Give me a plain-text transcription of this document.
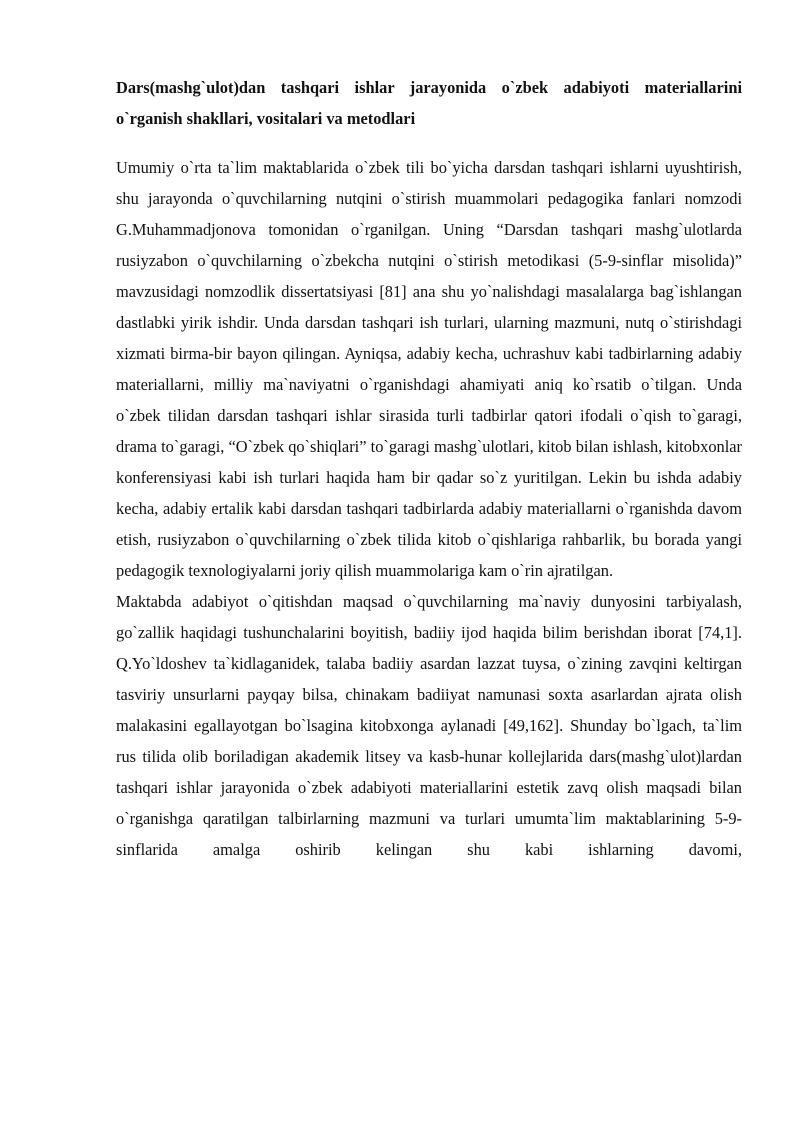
Dars(mashg`ulot)dan tashqari ishlar jarayonida o`zbek adabiyoti materiallarini o`rganish shakllari, vositalari va metodlari

Umumiy o`rta ta`lim maktablarida o`zbek tili bo`yicha darsdan tashqari ishlarni uyushtirish, shu jarayonda o`quvchilarning nutqini o`stirish muammolari pedagogika fanlari nomzodi G.Muhammadjonova tomonidan o`rganilgan. Uning “Darsdan tashqari mashg`ulotlarda rusiyzabon o`quvchilarning o`zbekcha nutqini o`stirish metodikasi (5-9-sinflar misolida)” mavzusidagi nomzodlik dissertatsiyasi [81] ana shu yo`nalishdagi masalalarga bag`ishlangan dastlabki yirik ishdir. Unda darsdan tashqari ish turlari, ularning mazmuni, nutq o`stirishdagi xizmati birma-bir bayon qilingan. Ayniqsa, adabiy kecha, uchrashuv kabi tadbirlarning adabiy materiallarni, milliy ma`naviyatni o`rganishdagi ahamiyati aniq ko`rsatib o`tilgan. Unda o`zbek tilidan darsdan tashqari ishlar sirasida turli tadbirlar qatori ifodali o`qish to`garagi, drama to`garagi, “O`zbek qo`shiqlari” to`garagi mashg`ulotlari, kitob bilan ishlash, kitobxonlar konferensiyasi kabi ish turlari haqida ham bir qadar so`z yuritilgan. Lekin bu ishda adabiy kecha, adabiy ertalik kabi darsdan tashqari tadbirlarda adabiy materiallarni o`rganishda davom etish, rusiyzabon o`quvchilarning o`zbek tilida kitob o`qishlariga rahbarlik, bu borada yangi pedagogik texnologiyalarni joriy qilish muammolariga kam o`rin ajratilgan.

Maktabda adabiyot o`qitishdan maqsad o`quvchilarning ma`naviy dunyosini tarbiyalash, go`zallik haqidagi tushunchalarini boyitish, badiiy ijod haqida bilim berishdan iborat [74,1]. Q.Yo`ldoshev ta`kidlaganidek, talaba badiiy asardan lazzat tuysa, o`zining zavqini keltirgan tasviriy unsurlarni payqay bilsa, chinakam badiiyat namunasi soxta asarlardan ajrata olish malakasini egallayotgan bo`lsagina kitobxonga aylanadi [49,162]. Shunday bo`lgach, ta`lim rus tilida olib boriladigan akademik litsey va kasb-hunar kollejlarida dars(mashg`ulot)lardan tashqari ishlar jarayonida o`zbek adabiyoti materiallarini estetik zavq olish maqsadi bilan o`rganishga qaratilgan talbirlarning mazmuni va turlari umumta`lim maktablarining 5-9-sinflarida amalga oshirib kelingan shu kabi ishlarning davomi,
